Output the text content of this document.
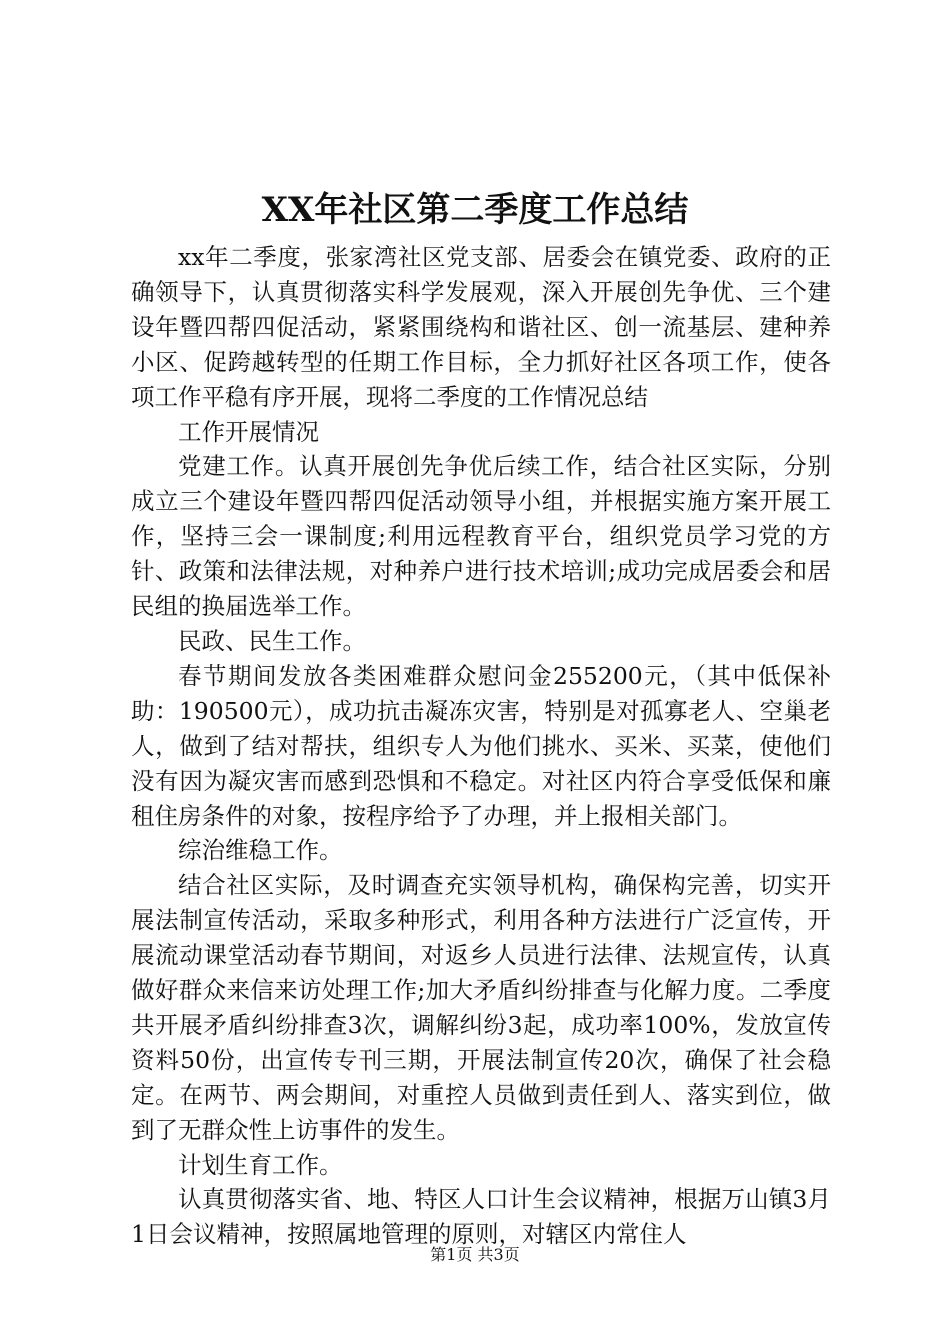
XX年社区第二季度工作总结

xx年二季度，张家湾社区党支部、居委会在镇党委、政府的正确领导下，认真贯彻落实科学发展观，深入开展创先争优、三个建设年暨四帮四促活动，紧紧围绕构和谐社区、创一流基层、建种养小区、促跨越转型的任期工作目标，全力抓好社区各项工作，使各项工作平稳有序开展，现将二季度的工作情况总结

工作开展情况

党建工作。认真开展创先争优后续工作，结合社区实际，分别成立三个建设年暨四帮四促活动领导小组，并根据实施方案开展工作，坚持三会一课制度;利用远程教育平台，组织党员学习党的方针、政策和法律法规，对种养户进行技术培训;成功完成居委会和居民组的换届选举工作。

民政、民生工作。

春节期间发放各类困难群众慰问金255200元，（其中低保补助：190500元），成功抗击凝冻灾害，特别是对孤寡老人、空巢老人，做到了结对帮扶，组织专人为他们挑水、买米、买菜，使他们没有因为凝灾害而感到恐惧和不稳定。对社区内符合享受低保和廉租住房条件的对象，按程序给予了办理，并上报相关部门。

综治维稳工作。

结合社区实际，及时调查充实领导机构，确保构完善，切实开展法制宣传活动，采取多种形式，利用各种方法进行广泛宣传，开展流动课堂活动春节期间，对返乡人员进行法律、法规宣传，认真做好群众来信来访处理工作;加大矛盾纠纷排查与化解力度。二季度共开展矛盾纠纷排查3次，调解纠纷3起，成功率100%，发放宣传资料50份，出宣传专刊三期，开展法制宣传20次，确保了社会稳定。在两节、两会期间，对重控人员做到责任到人、落实到位，做到了无群众性上访事件的发生。

计划生育工作。

认真贯彻落实省、地、特区人口计生会议精神，根据万山镇3月1日会议精神，按照属地管理的原则，对辖区内常住人

第1页 共3页
